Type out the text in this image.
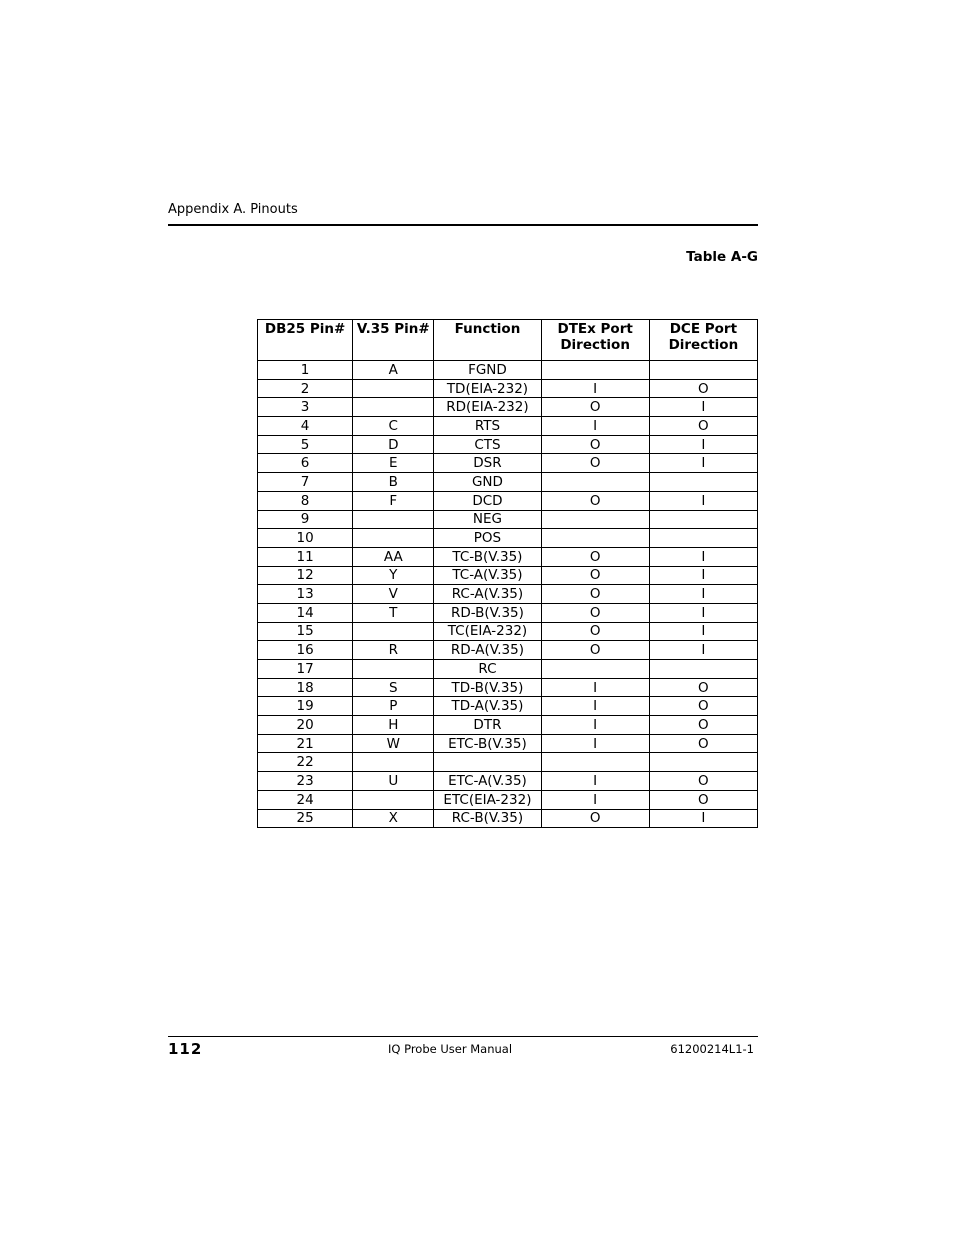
Appendix A. Pinouts
Table A-G
DB25 Pin#	V.35 Pin#	Function	DTEx Port Direction	DCE Port Direction
1	A	FGND		
2		TD(EIA-232)	I	O
3		RD(EIA-232)	O	I
4	C	RTS	I	O
5	D	CTS	O	I
6	E	DSR	O	I
7	B	GND		
8	F	DCD	O	I
9		NEG		
10		POS		
11	AA	TC-B(V.35)	O	I
12	Y	TC-A(V.35)	O	I
13	V	RC-A(V.35)	O	I
14	T	RD-B(V.35)	O	I
15		TC(EIA-232)	O	I
16	R	RD-A(V.35)	O	I
17		RC		
18	S	TD-B(V.35)	I	O
19	P	TD-A(V.35)	I	O
20	H	DTR	I	O
21	W	ETC-B(V.35)	I	O
22				
23	U	ETC-A(V.35)	I	O
24		ETC(EIA-232)	I	O
25	X	RC-B(V.35)	O	I
112	IQ Probe User Manual	61200214L1-1
